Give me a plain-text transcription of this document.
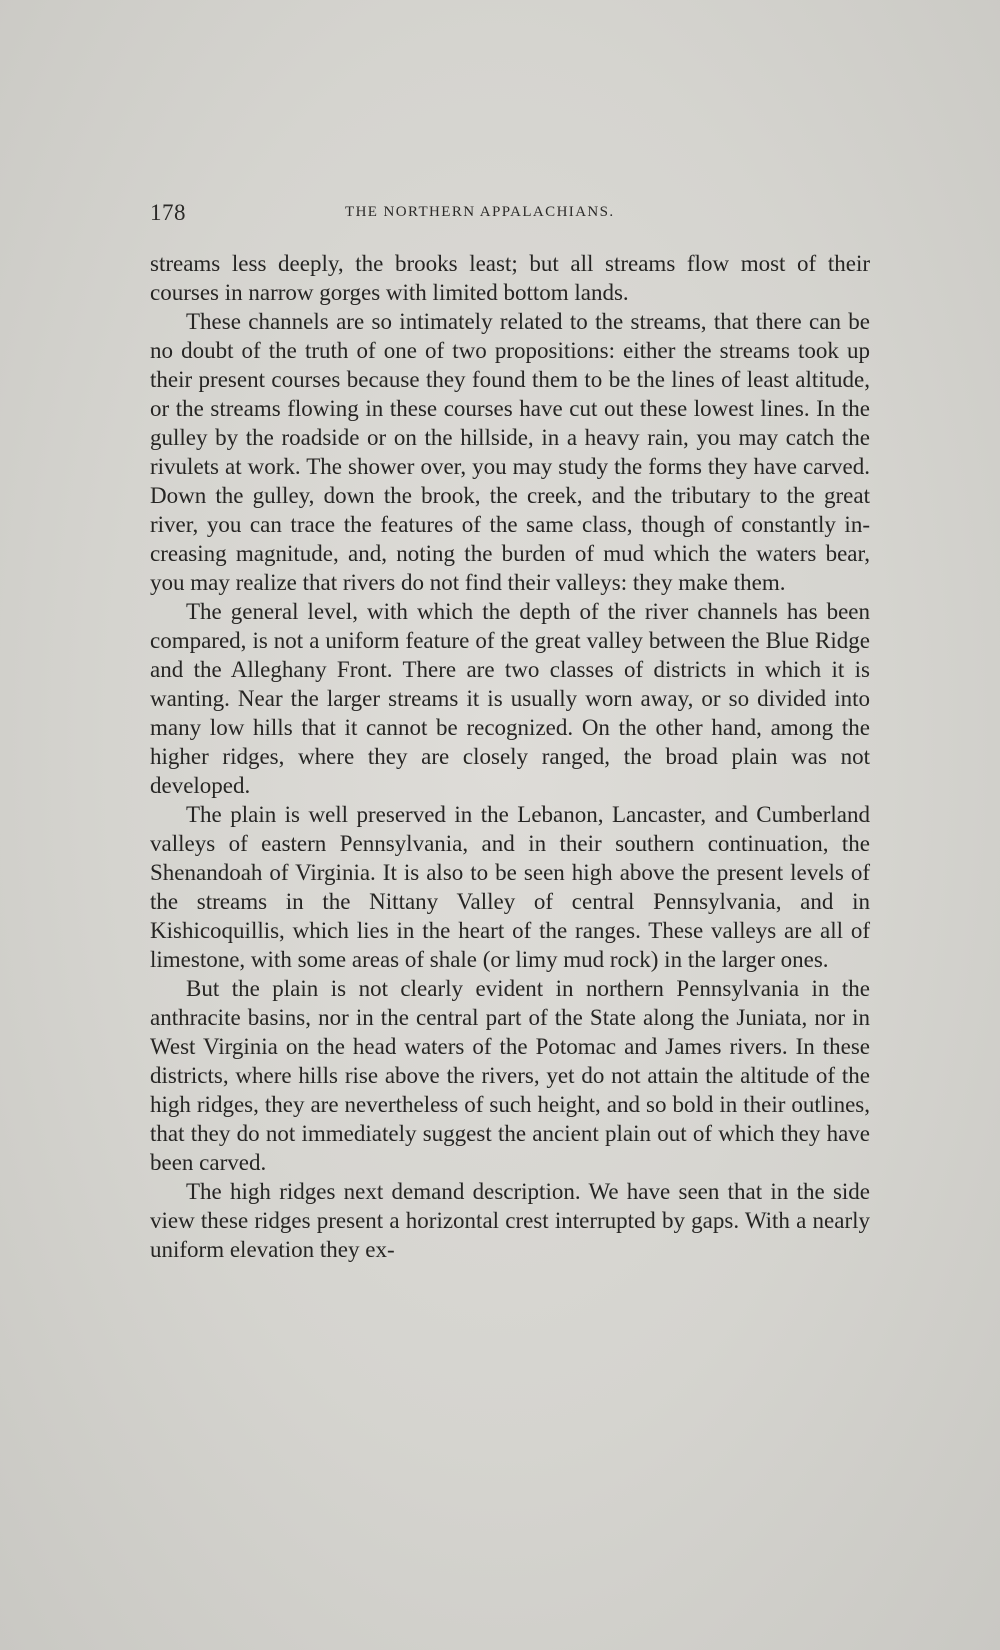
178	THE NORTHERN APPALACHIANS.

streams less deeply, the brooks least; but all streams flow most of their courses in narrow gorges with limited bottom lands.

These channels are so intimately related to the streams, that there can be no doubt of the truth of one of two propositions: either the streams took up their present courses because they found them to be the lines of least altitude, or the streams flowing in these courses have cut out these lowest lines. In the gulley by the roadside or on the hillside, in a heavy rain, you may catch the rivulets at work. The shower over, you may study the forms they have carved. Down the gulley, down the brook, the creek, and the tributary to the great river, you can trace the features of the same class, though of constantly increasing magnitude, and, noting the burden of mud which the waters bear, you may realize that rivers do not find their valleys: they make them.

The general level, with which the depth of the river channels has been compared, is not a uniform feature of the great valley between the Blue Ridge and the Alleghany Front. There are two classes of districts in which it is wanting. Near the larger streams it is usually worn away, or so divided into many low hills that it cannot be recognized. On the other hand, among the higher ridges, where they are closely ranged, the broad plain was not developed.

The plain is well preserved in the Lebanon, Lancaster, and Cumberland valleys of eastern Pennsylvania, and in their southern continuation, the Shenandoah of Virginia. It is also to be seen high above the present levels of the streams in the Nittany Valley of central Pennsylvania, and in Kishicoquillis, which lies in the heart of the ranges. These valleys are all of limestone, with some areas of shale (or limy mud rock) in the larger ones.

But the plain is not clearly evident in northern Pennsylvania in the anthracite basins, nor in the central part of the State along the Juniata, nor in West Virginia on the head waters of the Potomac and James rivers. In these districts, where hills rise above the rivers, yet do not attain the altitude of the high ridges, they are nevertheless of such height, and so bold in their outlines, that they do not immediately suggest the ancient plain out of which they have been carved.

The high ridges next demand description. We have seen that in the side view these ridges present a horizontal crest interrupted by gaps. With a nearly uniform elevation they ex-
